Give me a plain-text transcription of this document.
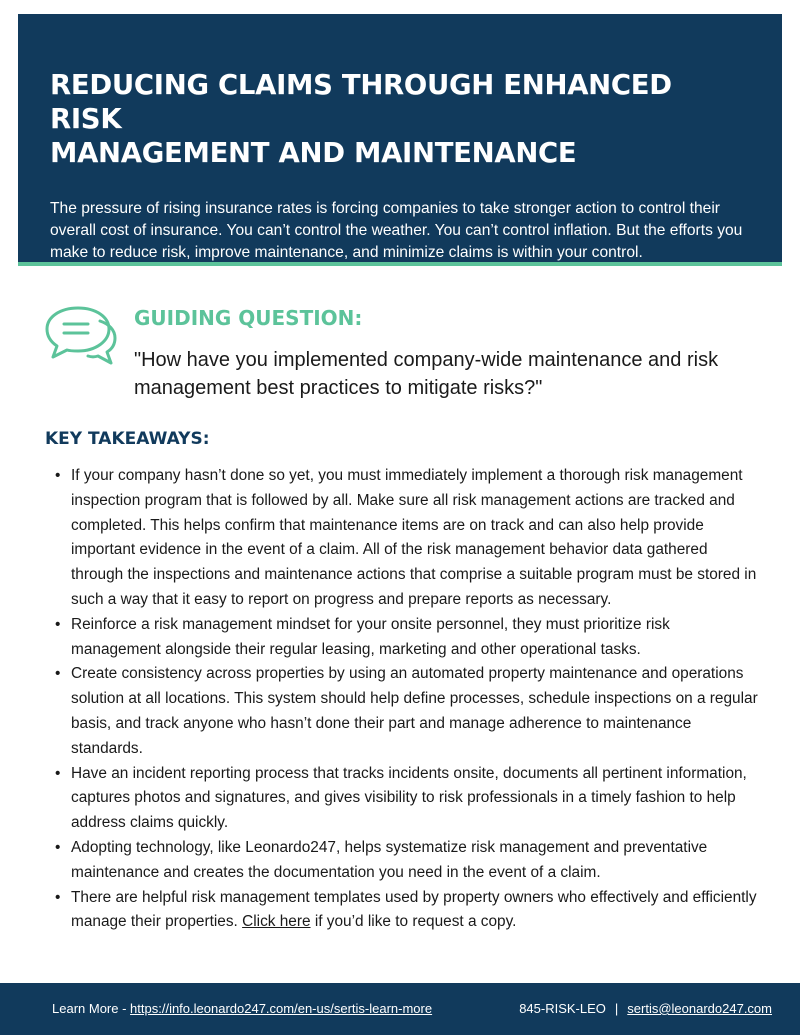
REDUCING CLAIMS THROUGH ENHANCED RISK
MANAGEMENT AND MAINTENANCE

The pressure of rising insurance rates is forcing companies to take stronger action to control their overall cost of insurance. You can’t control the weather. You can’t control inflation. But the efforts you make to reduce risk, improve maintenance, and minimize claims is within your control.

GUIDING QUESTION:
"How have you implemented company-wide maintenance and risk management best practices to mitigate risks?"
KEY TAKEAWAYS:
• If your company hasn’t done so yet, you must immediately implement a thorough risk management inspection program that is followed by all. Make sure all risk management actions are tracked and completed. This helps confirm that maintenance items are on track and can also help provide important evidence in the event of a claim. All of the risk management behavior data gathered through the inspections and maintenance actions that comprise a suitable program must be stored in such a way that it easy to report on progress and prepare reports as necessary.
• Reinforce a risk management mindset for your onsite personnel, they must prioritize risk management alongside their regular leasing, marketing and other operational tasks.
• Create consistency across properties by using an automated property maintenance and operations solution at all locations. This system should help define processes, schedule inspections on a regular basis, and track anyone who hasn’t done their part and manage adherence to maintenance standards.
• Have an incident reporting process that tracks incidents onsite, documents all pertinent information, captures photos and signatures, and gives visibility to risk professionals in a timely fashion to help address claims quickly.
• Adopting technology, like Leonardo247, helps systematize risk management and preventative maintenance and creates the documentation you need in the event of a claim.
• There are helpful risk management templates used by property owners who effectively and efficiently manage their properties. Click here if you’d like to request a copy.
Learn More - https://info.leonardo247.com/en-us/sertis-learn-more	845-RISK-LEO | sertis@leonardo247.com
